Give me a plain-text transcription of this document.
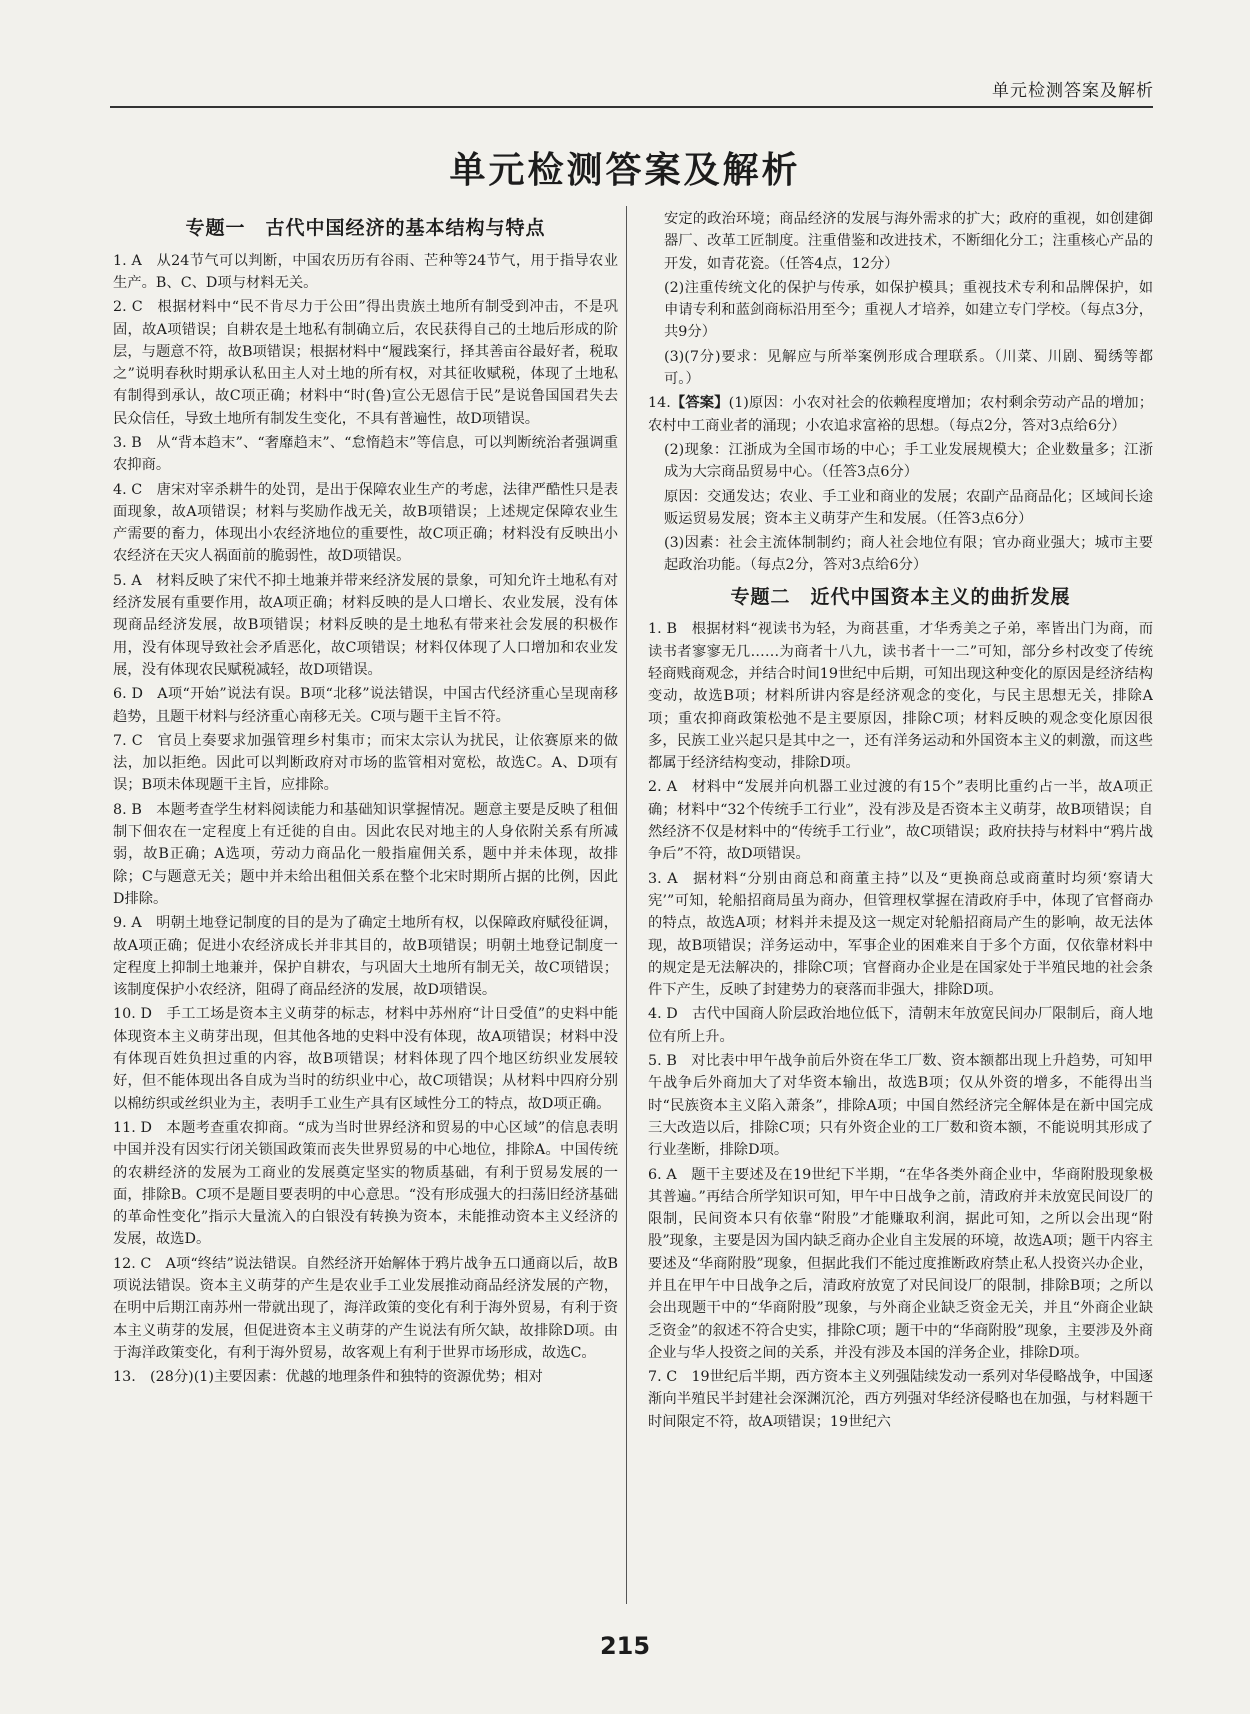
单元检测答案及解析
单元检测答案及解析
专题一　古代中国经济的基本结构与特点

1. A  从24节气可以判断，中国农历历有谷雨、芒种等24节气，用于指导农业生产。B、C、D项与材料无关。

2. C  根据材料中“民不肯尽力于公田”得出贵族土地所有制受到冲击，不是巩固，故A项错误；自耕农是土地私有制确立后，农民获得自己的土地后形成的阶层，与题意不符，故B项错误；根据材料中“履践案行，择其善亩谷最好者，税取之”说明春秋时期承认私田主人对土地的所有权，对其征收赋税，体现了土地私有制得到承认，故C项正确；材料中“时(鲁)宣公无恩信于民”是说鲁国国君失去民众信任，导致土地所有制发生变化，不具有普遍性，故D项错误。

3. B  从“背本趋末”、“奢靡趋末”、“怠惰趋末”等信息，可以判断统治者强调重农抑商。

4. C  唐宋对宰杀耕牛的处罚，是出于保障农业生产的考虑，法律严酷性只是表面现象，故A项错误；材料与奖励作战无关，故B项错误；上述规定保障农业生产需要的畜力，体现出小农经济地位的重要性，故C项正确；材料没有反映出小农经济在天灾人祸面前的脆弱性，故D项错误。

5. A  材料反映了宋代不抑土地兼并带来经济发展的景象，可知允许土地私有对经济发展有重要作用，故A项正确；材料反映的是人口增长、农业发展，没有体现商品经济发展，故B项错误；材料反映的是土地私有带来社会发展的积极作用，没有体现导致社会矛盾恶化，故C项错误；材料仅体现了人口增加和农业发展，没有体现农民赋税减轻，故D项错误。

6. D  A项“开始”说法有误。B项“北移”说法错误，中国古代经济重心呈现南移趋势，且题干材料与经济重心南移无关。C项与题干主旨不符。

7. C  官员上奏要求加强管理乡村集市；而宋太宗认为扰民，让依赛原来的做法，加以拒绝。因此可以判断政府对市场的监管相对宽松，故选C。A、D项有误；B项未体现题干主旨，应排除。

8. B  本题考查学生材料阅读能力和基础知识掌握情况。题意主要是反映了租佃制下佃农在一定程度上有迁徙的自由。因此农民对地主的人身依附关系有所减弱，故B正确；A选项，劳动力商品化一般指雇佣关系，题中并未体现，故排除；C与题意无关；题中并未给出租佃关系在整个北宋时期所占据的比例，因此D排除。

9. A  明朝土地登记制度的目的是为了确定土地所有权，以保障政府赋役征调，故A项正确；促进小农经济成长并非其目的，故B项错误；明朝土地登记制度一定程度上抑制土地兼并，保护自耕农，与巩固大土地所有制无关，故C项错误；该制度保护小农经济，阻碍了商品经济的发展，故D项错误。

10. D  手工工场是资本主义萌芽的标志，材料中苏州府“计日受值”的史料中能体现资本主义萌芽出现，但其他各地的史料中没有体现，故A项错误；材料中没有体现百姓负担过重的内容，故B项错误；材料体现了四个地区纺织业发展较好，但不能体现出各自成为当时的纺织业中心，故C项错误；从材料中四府分别以棉纺织或丝织业为主，表明手工业生产具有区域性分工的特点，故D项正确。

11. D  本题考查重农抑商。“成为当时世界经济和贸易的中心区域”的信息表明中国并没有因实行闭关锁国政策而丧失世界贸易的中心地位，排除A。中国传统的农耕经济的发展为工商业的发展奠定坚实的物质基础，有利于贸易发展的一面，排除B。C项不是题目要表明的中心意思。“没有形成强大的扫荡旧经济基础的革命性变化”指示大量流入的白银没有转换为资本，未能推动资本主义经济的发展，故选D。

12. C  A项“终结”说法错误。自然经济开始解体于鸦片战争五口通商以后，故B项说法错误。资本主义萌芽的产生是农业手工业发展推动商品经济发展的产物，在明中后期江南苏州一带就出现了，海洋政策的变化有利于海外贸易，有利于资本主义萌芽的发展，但促进资本主义萌芽的产生说法有所欠缺，故排除D项。由于海洋政策变化，有利于海外贸易，故客观上有利于世界市场形成，故选C。

13.  (28分)(1)主要因素：优越的地理条件和独特的资源优势；相对

安定的政治环境；商品经济的发展与海外需求的扩大；政府的重视，如创建御器厂、改革工匠制度。注重借鉴和改进技术，不断细化分工；注重核心产品的开发，如青花瓷。（任答4点，12分）

(2)注重传统文化的保护与传承，如保护模具；重视技术专利和品牌保护，如申请专利和蓝剑商标沿用至今；重视人才培养，如建立专门学校。（每点3分，共9分）

(3)(7分)要求：见解应与所举案例形成合理联系。（川菜、川剧、蜀绣等都可。）

14.【答案】(1)原因：小农对社会的依赖程度增加；农村剩余劳动产品的增加；农村中工商业者的涌现；小农追求富裕的思想。（每点2分，答对3点给6分）
(2)现象：江浙成为全国市场的中心；手工业发展规模大；企业数量多；江浙成为大宗商品贸易中心。（任答3点6分）
原因：交通发达；农业、手工业和商业的发展；农副产品商品化；区域间长途贩运贸易发展；资本主义萌芽产生和发展。（任答3点6分）
(3)因素：社会主流体制制约；商人社会地位有限；官办商业强大；城市主要起政治功能。（每点2分，答对3点给6分）
专题二　近代中国资本主义的曲折发展

1. B  根据材料“视读书为轻，为商甚重，才华秀美之子弟，率皆出门为商，而读书者寥寥无几……为商者十八九，读书者十一二”可知，部分乡村改变了传统轻商贱商观念，并结合时间19世纪中后期，可知出现这种变化的原因是经济结构变动，故选B项；材料所讲内容是经济观念的变化，与民主思想无关，排除A项；重农抑商政策松弛不是主要原因，排除C项；材料反映的观念变化原因很多，民族工业兴起只是其中之一，还有洋务运动和外国资本主义的刺激，而这些都属于经济结构变动，排除D项。

2. A  材料中“发展并向机器工业过渡的有15个”表明比重约占一半，故A项正确；材料中“32个传统手工行业”，没有涉及是否资本主义萌芽，故B项错误；自然经济不仅是材料中的“传统手工行业”，故C项错误；政府扶持与材料中“鸦片战争后”不符，故D项错误。

3. A  据材料“分别由商总和商董主持”以及“更换商总或商董时均须‘察请大宪’”可知，轮船招商局虽为商办，但管理权掌握在清政府手中，体现了官督商办的特点，故选A项；材料并未提及这一规定对轮船招商局产生的影响，故无法体现，故B项错误；洋务运动中，军事企业的困难来自于多个方面，仅依靠材料中的规定是无法解决的，排除C项；官督商办企业是在国家处于半殖民地的社会条件下产生，反映了封建势力的衰落而非强大，排除D项。

4. D  古代中国商人阶层政治地位低下，清朝末年放宽民间办厂限制后，商人地位有所上升。

5. B  对比表中甲午战争前后外资在华工厂数、资本额都出现上升趋势，可知甲午战争后外商加大了对华资本输出，故选B项；仅从外资的增多，不能得出当时“民族资本主义陷入萧条”，排除A项；中国自然经济完全解体是在新中国完成三大改造以后，排除C项；只有外资企业的工厂数和资本额，不能说明其形成了行业垄断，排除D项。

6. A  题干主要述及在19世纪下半期，“在华各类外商企业中，华商附股现象极其普遍。”再结合所学知识可知，甲午中日战争之前，清政府并未放宽民间设厂的限制，民间资本只有依靠“附股”才能赚取利润，据此可知，之所以会出现“附股”现象，主要是因为国内缺乏商办企业自主发展的环境，故选A项；题干内容主要述及“华商附股”现象，但据此我们不能过度推断政府禁止私人投资兴办企业，并且在甲午中日战争之后，清政府放宽了对民间设厂的限制，排除B项；之所以会出现题干中的“华商附股”现象，与外商企业缺乏资金无关，并且“外商企业缺乏资金”的叙述不符合史实，排除C项；题干中的“华商附股”现象，主要涉及外商企业与华人投资之间的关系，并没有涉及本国的洋务企业，排除D项。

7. C  19世纪后半期，西方资本主义列强陆续发动一系列对华侵略战争，中国逐渐向半殖民半封建社会深渊沉沦，西方列强对华经济侵略也在加强，与材料题干时间限定不符，故A项错误；19世纪六

215
